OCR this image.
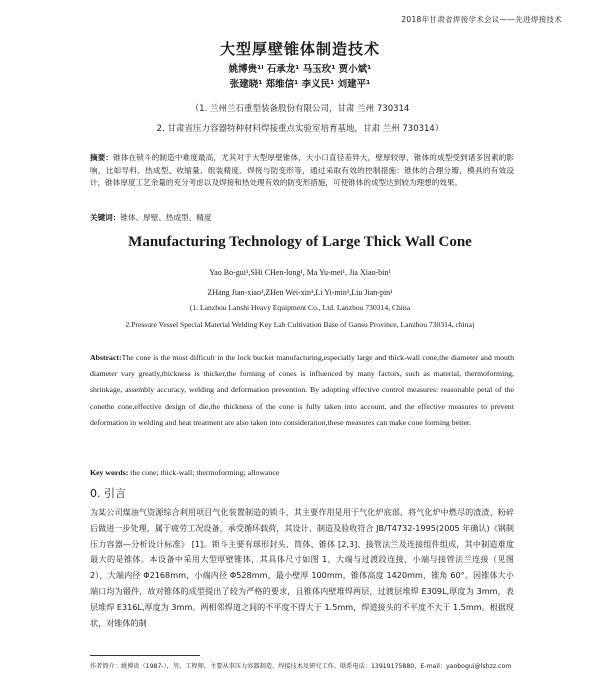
2018年甘肃省焊接学术会议——先进焊接技术
大型厚壁锥体制造技术
姚博贵¹ˡ 石承龙¹ 马玉玫¹ 贾小斌¹
张建晓¹ 郑维信¹ 李义民¹ 刘建平¹
（1. 兰州兰石重型装备股份有限公司，甘肃 兰州 730314
2. 甘肃省压力容器特种材料焊接重点实验室培育基地，甘肃 兰州 730314）
摘要：锥体在锁斗的制造中难度最高，尤其对于大型厚壁锥体，大小口直径差异大，壁厚较厚，锥体的成型受到诸多因素的影响，比如导料、热成型、收缩量、组装精度、焊接与防变形等，通过采取有效的控制措施：锥体的合理分瓣，模具的有效设计，锥体厚度工艺余量的充分考虑以及焊接和热处理有效的防变形措施，可使锥体的成型达到较为理想的效果。
关键词：锥体、厚壁、热成型、精度
Manufacturing Technology of Large Thick Wall Cone
Yao Bo-gui¹,SHi CHen-long¹, Ma Yu-mei¹, Jia Xiao-bin¹
ZHang Jian-xiao¹,ZHen Wei-xin¹,Li Yi-min¹,Liu Jian-pin¹
(1. Lanzhou Lanshi Heavy Equipment Co., Ltd. Lanzhou 730314, China
2.Pressure Vessel Special Material Welding Key Lab Cultivation Base of Gansu Province, Lanzhou 730314, china)
Abstract:The cone is the most difficult in the lock bucket manufacturing,especially large and thick-wall cone,the diameter and mouth diameter vary greatly,thickness is thicker,the forming of cones is influenced by many factors, such as material, thermoforming, shrinkage, assembly accuracy, welding and deformation prevention. By adopting effective control measures: reasonable petal of the conethe cone,effective design of die,the thickness of the cone is fully taken into account, and the effective measures to prevent deformation in welding and heat treatment are also taken into consideration,these measures can make cone forming better.
Key words: the cone; thick-wall; thermoforming; allowance
0. 引言
为某公司煤油气资源综合利用项目气化装置制造的锁斗，其主要作用是用于气化炉底部，将气化炉中燃尽的渣渣、粉碎后做进一步处理，属于疲劳工况设备，承受循环载荷，其设计、制造及验收符合 JB/T4732-1995(2005 年确认)《钢制压力容器—分析设计标准》 [1]。锁斗主要有球形封头、筒体、锥体 [2,3]、接管法兰及连接组件组成，其中制造难度最大的是锥体。本设备中采用大型厚壁锥体，其具体尺寸如图 1，大端与过渡段连接，小端与接管法兰连接（见图 2），大端内径 Φ2168mm，小端内径 Φ528mm，最小壁厚 100mm，锥体高度 1420mm，锥角 60°。因锥体大小端口均为锻件，故对锥体的成型提出了较为严格的要求，且锥体内壁堆焊两层，过渡层堆焊 E309L,厚度为 3mm，表层堆焊 E316L,厚度为 3mm。两相邻焊道之间的不平度不得大于 1.5mm，焊道接头的不平度不大于 1.5mm。根据现状，对锥体的制
作者简介：姚博贵（1987-），男，工程师，主要从事压力容器制造、焊接技术及研究工作。联系电话：13919175880，E-mail：yaobogui@lshzz.com
